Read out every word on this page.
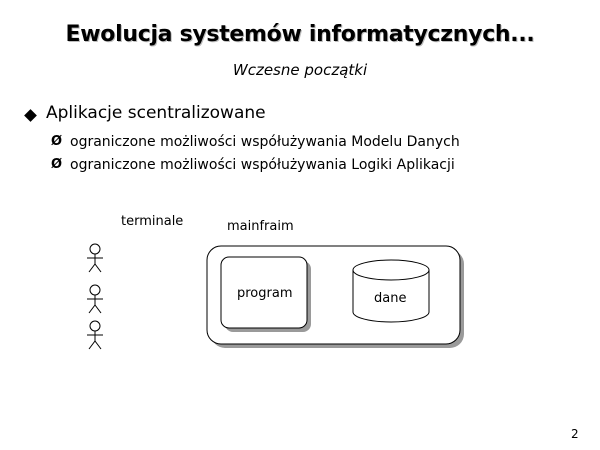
Ewolucja systemów informatycznych...
Wczesne początki
Aplikacje scentralizowane
Ø ograniczone możliwości współużywania Modelu Danych
Ø ograniczone możliwości współużywania Logiki Aplikacji
terminale	mainfraim
program	dane
2
